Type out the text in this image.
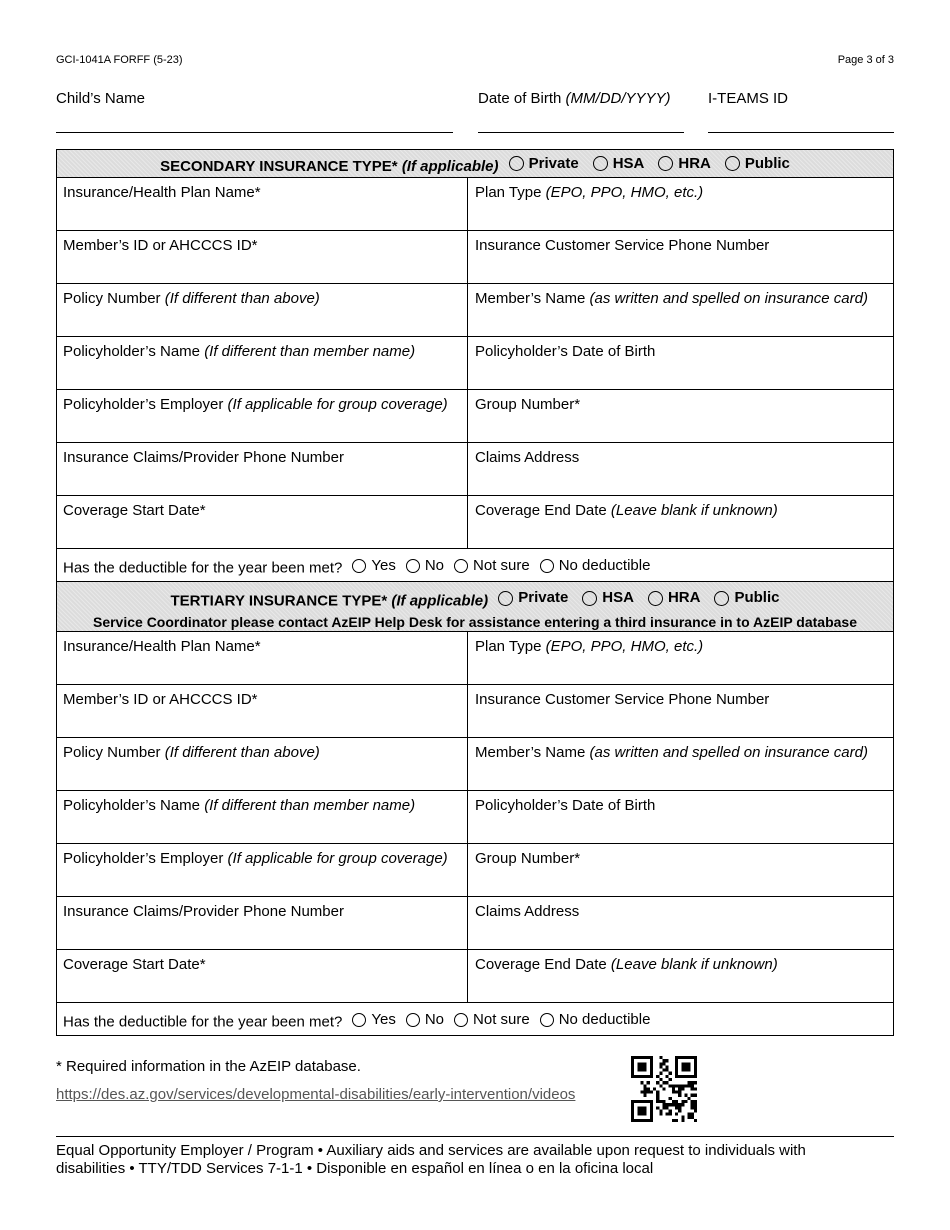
GCI-1041A FORFF (5-23)	Page 3 of 3
Child’s Name	Date of Birth (MM/DD/YYYY) I-TEAMS ID
SECONDARY INSURANCE TYPE* (If applicable) Private HSA HRA Public
Insurance/Health Plan Name*	Plan Type (EPO, PPO, HMO, etc.)
Member’s ID or AHCCCS ID*	Insurance Customer Service Phone Number
Policy Number (If different than above)	Member’s Name (as written and spelled on insurance card)
Policyholder’s Name (If different than member name)	Policyholder’s Date of Birth
Policyholder’s Employer (If applicable for group coverage)	Group Number*
Insurance Claims/Provider Phone Number	Claims Address
Coverage Start Date*	Coverage End Date (Leave blank if unknown)
Has the deductible for the year been met? Yes No Not sure No deductible
TERTIARY INSURANCE TYPE* (If applicable) Private HSA HRA Public
Service Coordinator please contact AzEIP Help Desk for assistance entering a third insurance in to AzEIP database
Insurance/Health Plan Name*	Plan Type (EPO, PPO, HMO, etc.)
Member’s ID or AHCCCS ID*	Insurance Customer Service Phone Number
Policy Number (If different than above)	Member’s Name (as written and spelled on insurance card)
Policyholder’s Name (If different than member name)	Policyholder’s Date of Birth
Policyholder’s Employer (If applicable for group coverage)	Group Number*
Insurance Claims/Provider Phone Number	Claims Address
Coverage Start Date*	Coverage End Date (Leave blank if unknown)
Has the deductible for the year been met? Yes No Not sure No deductible
* Required information in the AzEIP database.
https://des.az.gov/services/developmental-disabilities/early-intervention/videos
Equal Opportunity Employer / Program • Auxiliary aids and services are available upon request to individuals with
disabilities • TTY/TDD Services 7-1-1 • Disponible en español en línea o en la oficina local
